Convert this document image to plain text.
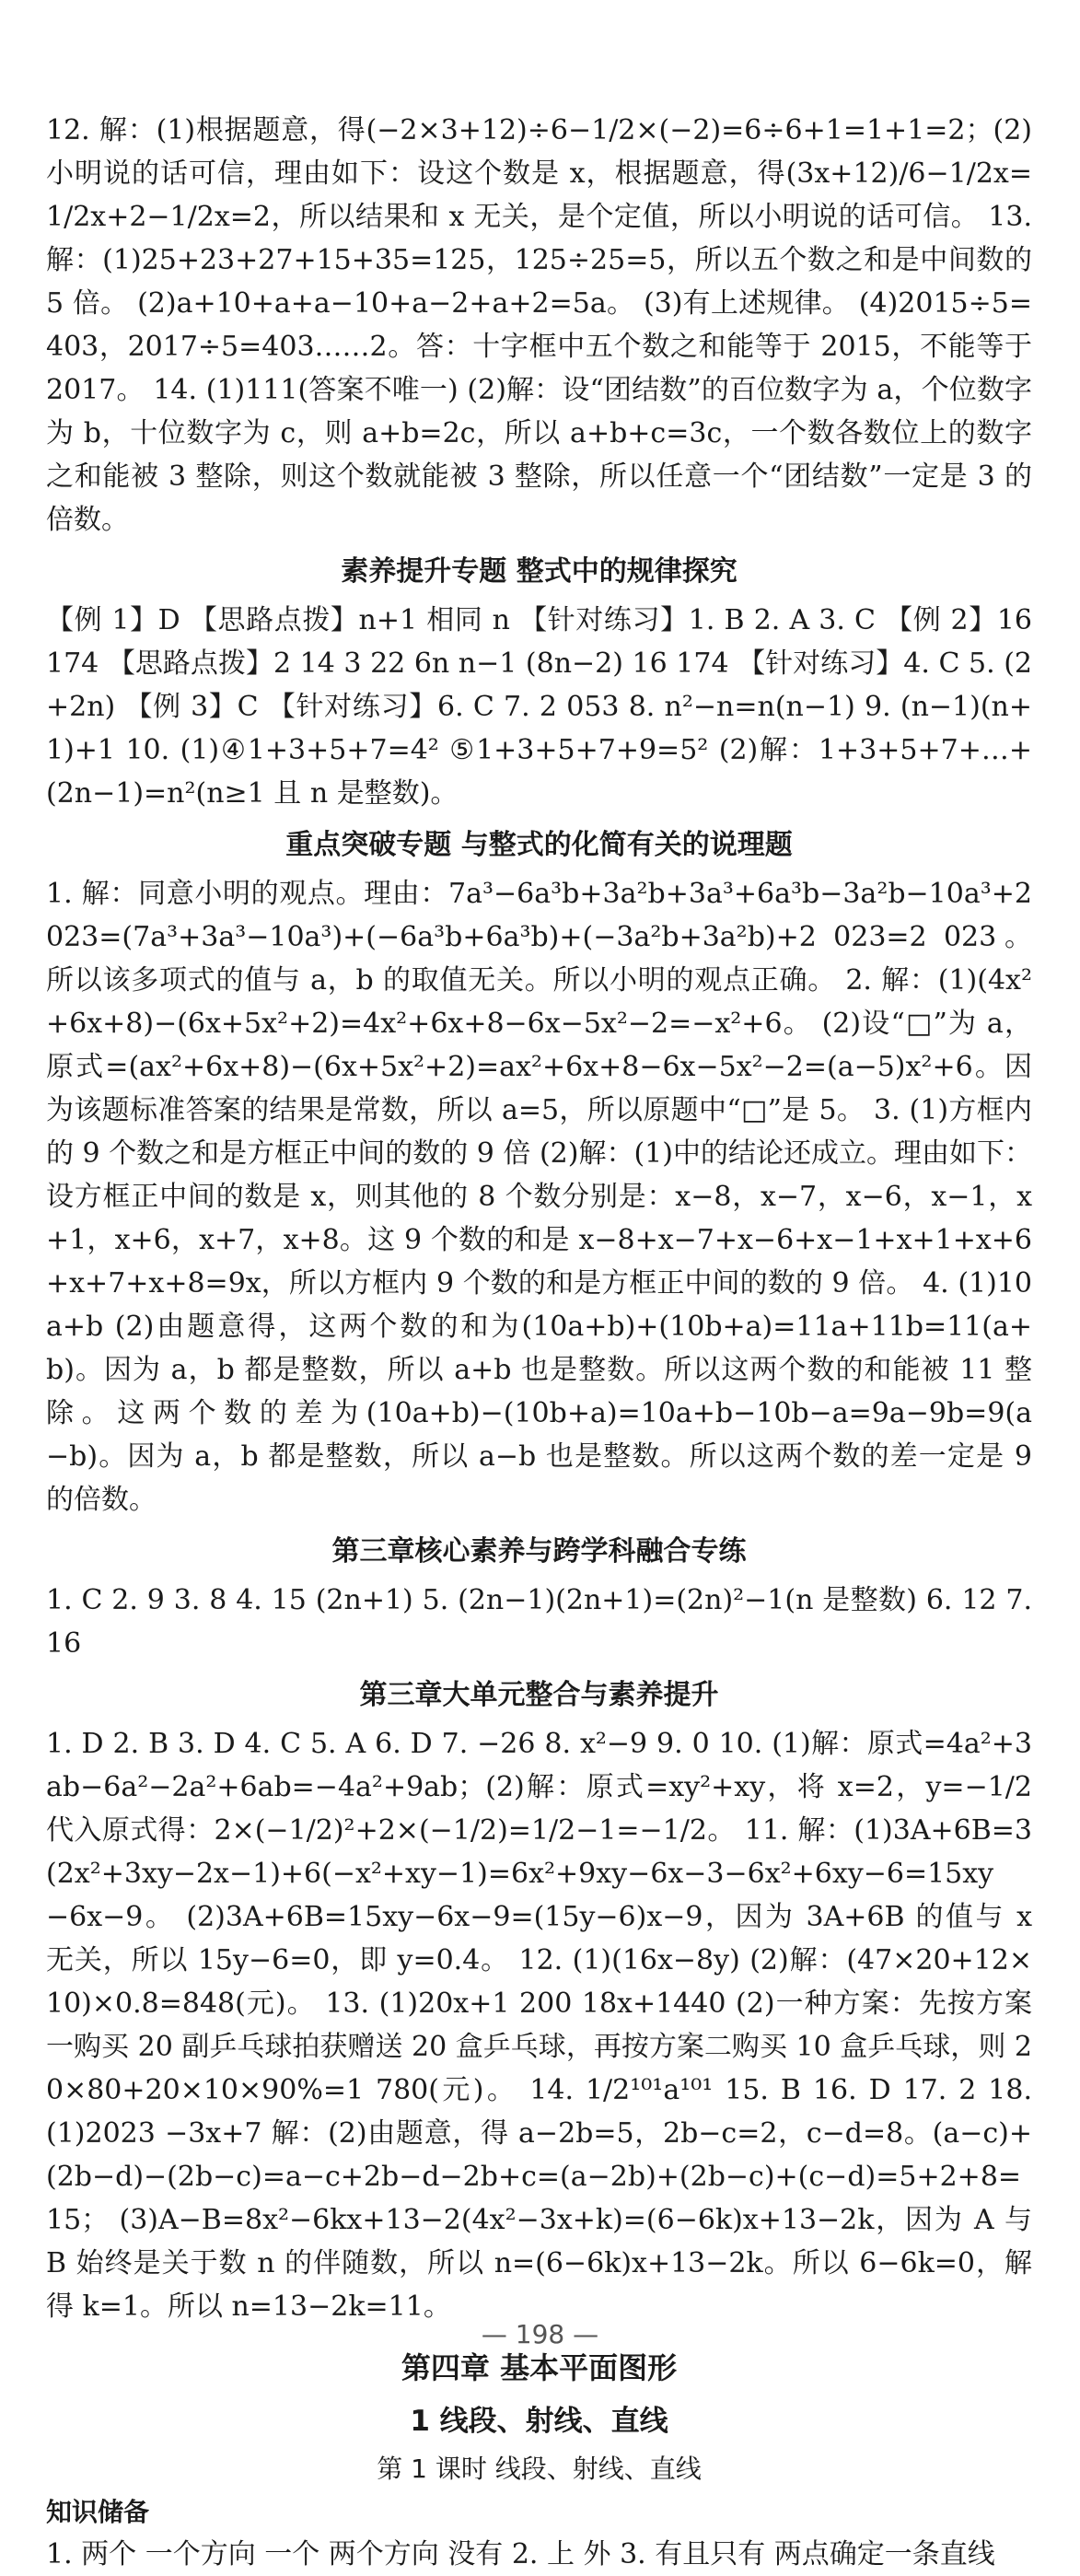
12. 解：(1)根据题意，得(−2×3+12)÷6−1/2×(−2)=6÷6+1=1+1=2；(2)小明说的话可信，理由如下：设这个数是 x，根据题意，得(3x+12)/6−1/2x=1/2x+2−1/2x=2，所以结果和 x 无关，是个定值，所以小明说的话可信。 13. 解：(1)25+23+27+15+35=125，125÷25=5，所以五个数之和是中间数的 5 倍。 (2)a+10+a+a−10+a−2+a+2=5a。 (3)有上述规律。 (4)2015÷5=403，2017÷5=403……2。答：十字框中五个数之和能等于 2015，不能等于 2017。 14. (1)111(答案不唯一) (2)解：设“团结数”的百位数字为 a，个位数字为 b，十位数字为 c，则 a+b=2c，所以 a+b+c=3c，一个数各数位上的数字之和能被 3 整除，则这个数就能被 3 整除，所以任意一个“团结数”一定是 3 的倍数。

素养提升专题 整式中的规律探究

【例 1】D 【思路点拨】n+1 相同 n 【针对练习】1. B 2. A 3. C 【例 2】16 174 【思路点拨】2 14 3 22 6n n−1 (8n−2) 16 174 【针对练习】4. C 5. (2+2n) 【例 3】C 【针对练习】6. C 7. 2 053 8. n²−n=n(n−1) 9. (n−1)(n+1)+1 10. (1)④1+3+5+7=4² ⑤1+3+5+7+9=5² (2)解：1+3+5+7+…+(2n−1)=n²(n≥1 且 n 是整数)。

重点突破专题 与整式的化简有关的说理题

1. 解：同意小明的观点。理由：7a³−6a³b+3a²b+3a³+6a³b−3a²b−10a³+2 023=(7a³+3a³−10a³)+(−6a³b+6a³b)+(−3a²b+3a²b)+2 023=2 023。所以该多项式的值与 a，b 的取值无关。所以小明的观点正确。 2. 解：(1)(4x²+6x+8)−(6x+5x²+2)=4x²+6x+8−6x−5x²−2=−x²+6。 (2)设“□”为 a，原式=(ax²+6x+8)−(6x+5x²+2)=ax²+6x+8−6x−5x²−2=(a−5)x²+6。因为该题标准答案的结果是常数，所以 a=5，所以原题中“□”是 5。 3. (1)方框内的 9 个数之和是方框正中间的数的 9 倍 (2)解：(1)中的结论还成立。理由如下：设方框正中间的数是 x，则其他的 8 个数分别是：x−8，x−7，x−6，x−1，x+1，x+6，x+7，x+8。这 9 个数的和是 x−8+x−7+x−6+x−1+x+1+x+6+x+7+x+8=9x，所以方框内 9 个数的和是方框正中间的数的 9 倍。 4. (1)10a+b (2)由题意得，这两个数的和为(10a+b)+(10b+a)=11a+11b=11(a+b)。因为 a，b 都是整数，所以 a+b 也是整数。所以这两个数的和能被 11 整除。这两个数的差为(10a+b)−(10b+a)=10a+b−10b−a=9a−9b=9(a−b)。因为 a，b 都是整数，所以 a−b 也是整数。所以这两个数的差一定是 9 的倍数。

第三章核心素养与跨学科融合专练

1. C 2. 9 3. 8 4. 15 (2n+1) 5. (2n−1)(2n+1)=(2n)²−1(n 是整数) 6. 12 7. 16

第三章大单元整合与素养提升

1. D 2. B 3. D 4. C 5. A 6. D 7. −26 8. x²−9 9. 0 10. (1)解：原式=4a²+3ab−6a²−2a²+6ab=−4a²+9ab；(2)解：原式=xy²+xy，将 x=2，y=−1/2 代入原式得：2×(−1/2)²+2×(−1/2)=1/2−1=−1/2。 11. 解：(1)3A+6B=3(2x²+3xy−2x−1)+6(−x²+xy−1)=6x²+9xy−6x−3−6x²+6xy−6=15xy−6x−9。 (2)3A+6B=15xy−6x−9=(15y−6)x−9，因为 3A+6B 的值与 x 无关，所以 15y−6=0，即 y=0.4。 12. (1)(16x−8y) (2)解：(47×20+12×10)×0.8=848(元)。 13. (1)20x+1 200 18x+1440 (2)一种方案：先按方案一购买 20 副乒乓球拍获赠送 20 盒乒乓球，再按方案二购买 10 盒乒乓球，则 20×80+20×10×90%=1 780(元)。 14. 1/2¹⁰¹a¹⁰¹ 15. B 16. D 17. 2 18. (1)2023 −3x+7 解：(2)由题意，得 a−2b=5，2b−c=2，c−d=8。(a−c)+(2b−d)−(2b−c)=a−c+2b−d−2b+c=(a−2b)+(2b−c)+(c−d)=5+2+8=15； (3)A−B=8x²−6kx+13−2(4x²−3x+k)=(6−6k)x+13−2k，因为 A 与 B 始终是关于数 n 的伴随数，所以 n=(6−6k)x+13−2k。所以 6−6k=0，解得 k=1。所以 n=13−2k=11。

第四章 基本平面图形
1 线段、射线、直线

第 1 课时 线段、射线、直线

知识储备

1. 两个 一个方向 一个 两个方向 没有 2. 上 外 3. 有且只有 两点确定一条直线

— 198 —
